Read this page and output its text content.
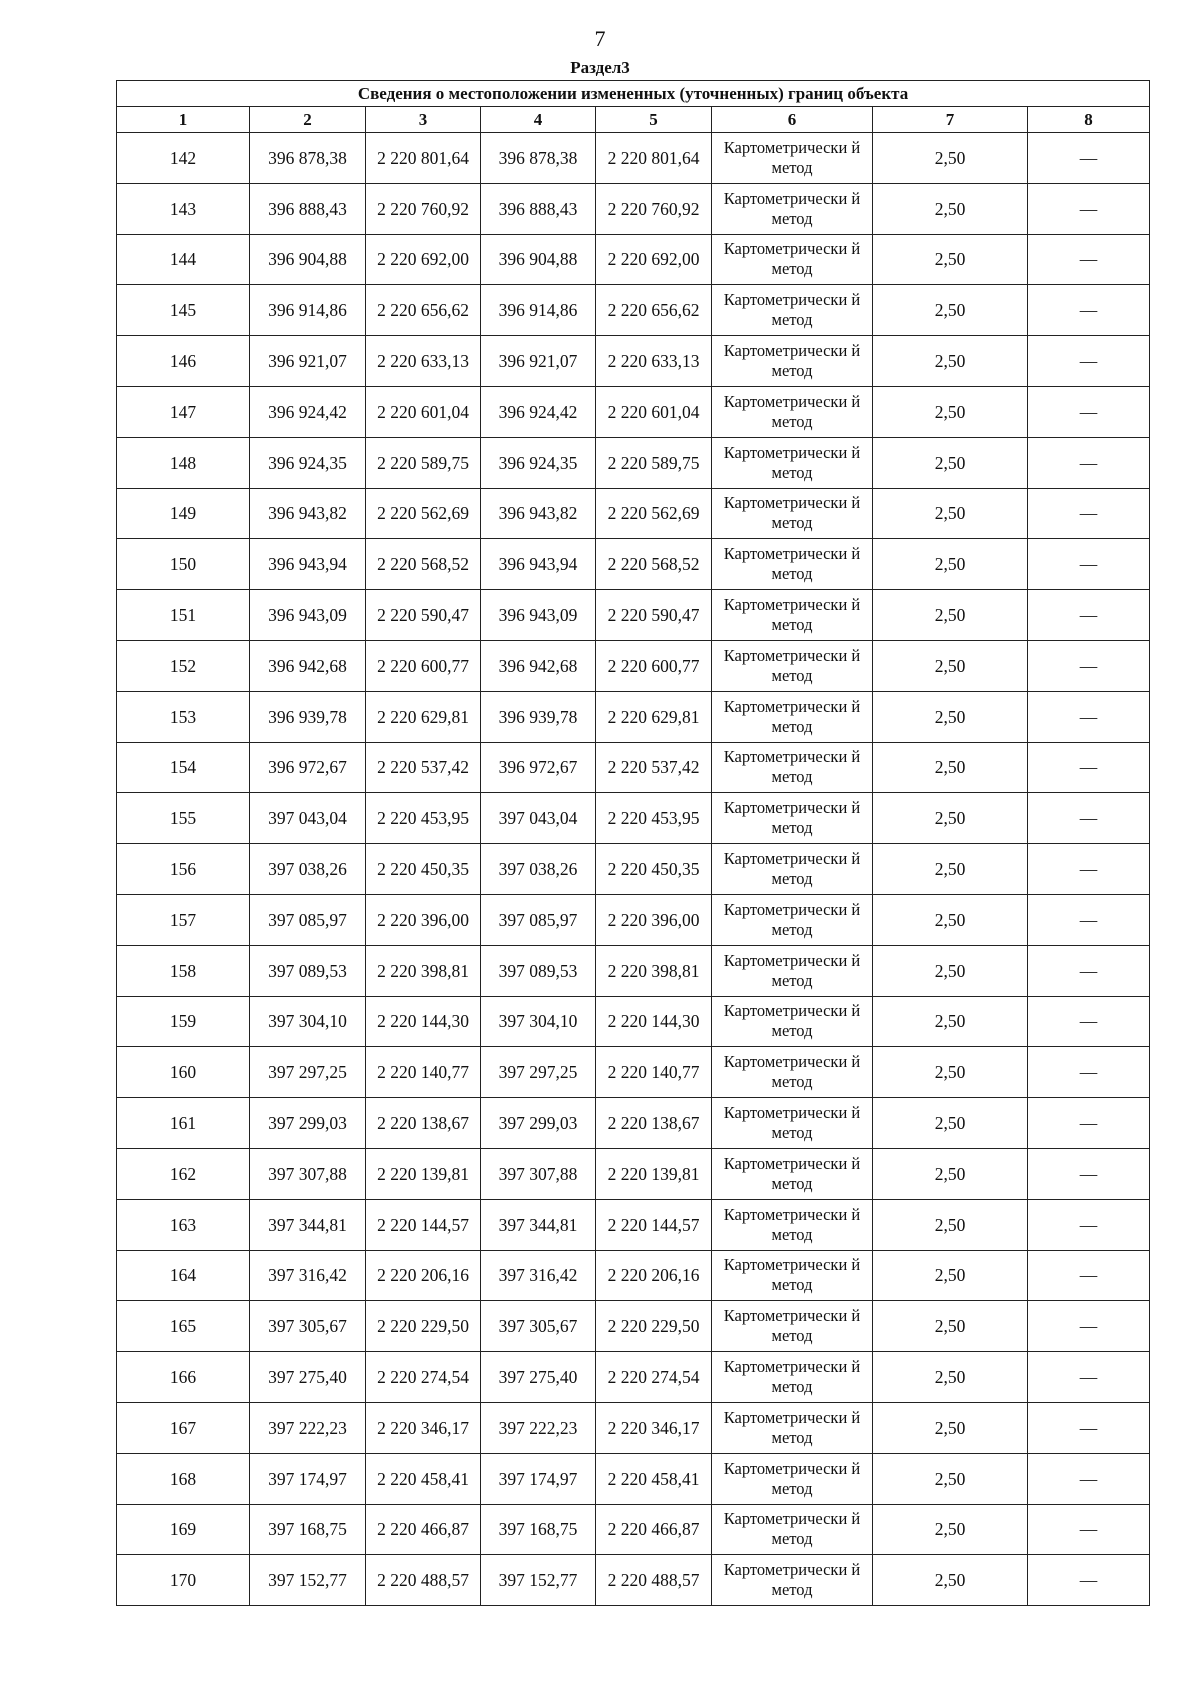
7
Раздел3
Сведения о местоположении измененных (уточненных) границ объекта							
1	2	3	4	5	6	7	8
142	396 878,38	2 220 801,64	396 878,38	2 220 801,64	Картометрически й метод	2,50	—
143	396 888,43	2 220 760,92	396 888,43	2 220 760,92	Картометрически й метод	2,50	—
144	396 904,88	2 220 692,00	396 904,88	2 220 692,00	Картометрически й метод	2,50	—
145	396 914,86	2 220 656,62	396 914,86	2 220 656,62	Картометрически й метод	2,50	—
146	396 921,07	2 220 633,13	396 921,07	2 220 633,13	Картометрически й метод	2,50	—
147	396 924,42	2 220 601,04	396 924,42	2 220 601,04	Картометрически й метод	2,50	—
148	396 924,35	2 220 589,75	396 924,35	2 220 589,75	Картометрически й метод	2,50	—
149	396 943,82	2 220 562,69	396 943,82	2 220 562,69	Картометрически й метод	2,50	—
150	396 943,94	2 220 568,52	396 943,94	2 220 568,52	Картометрически й метод	2,50	—
151	396 943,09	2 220 590,47	396 943,09	2 220 590,47	Картометрически й метод	2,50	—
152	396 942,68	2 220 600,77	396 942,68	2 220 600,77	Картометрически й метод	2,50	—
153	396 939,78	2 220 629,81	396 939,78	2 220 629,81	Картометрически й метод	2,50	—
154	396 972,67	2 220 537,42	396 972,67	2 220 537,42	Картометрически й метод	2,50	—
155	397 043,04	2 220 453,95	397 043,04	2 220 453,95	Картометрически й метод	2,50	—
156	397 038,26	2 220 450,35	397 038,26	2 220 450,35	Картометрически й метод	2,50	—
157	397 085,97	2 220 396,00	397 085,97	2 220 396,00	Картометрически й метод	2,50	—
158	397 089,53	2 220 398,81	397 089,53	2 220 398,81	Картометрически й метод	2,50	—
159	397 304,10	2 220 144,30	397 304,10	2 220 144,30	Картометрически й метод	2,50	—
160	397 297,25	2 220 140,77	397 297,25	2 220 140,77	Картометрически й метод	2,50	—
161	397 299,03	2 220 138,67	397 299,03	2 220 138,67	Картометрически й метод	2,50	—
162	397 307,88	2 220 139,81	397 307,88	2 220 139,81	Картометрически й метод	2,50	—
163	397 344,81	2 220 144,57	397 344,81	2 220 144,57	Картометрически й метод	2,50	—
164	397 316,42	2 220 206,16	397 316,42	2 220 206,16	Картометрически й метод	2,50	—
165	397 305,67	2 220 229,50	397 305,67	2 220 229,50	Картометрически й метод	2,50	—
166	397 275,40	2 220 274,54	397 275,40	2 220 274,54	Картометрически й метод	2,50	—
167	397 222,23	2 220 346,17	397 222,23	2 220 346,17	Картометрически й метод	2,50	—
168	397 174,97	2 220 458,41	397 174,97	2 220 458,41	Картометрически й метод	2,50	—
169	397 168,75	2 220 466,87	397 168,75	2 220 466,87	Картометрически й метод	2,50	—
170	397 152,77	2 220 488,57	397 152,77	2 220 488,57	Картометрически й метод	2,50	—
